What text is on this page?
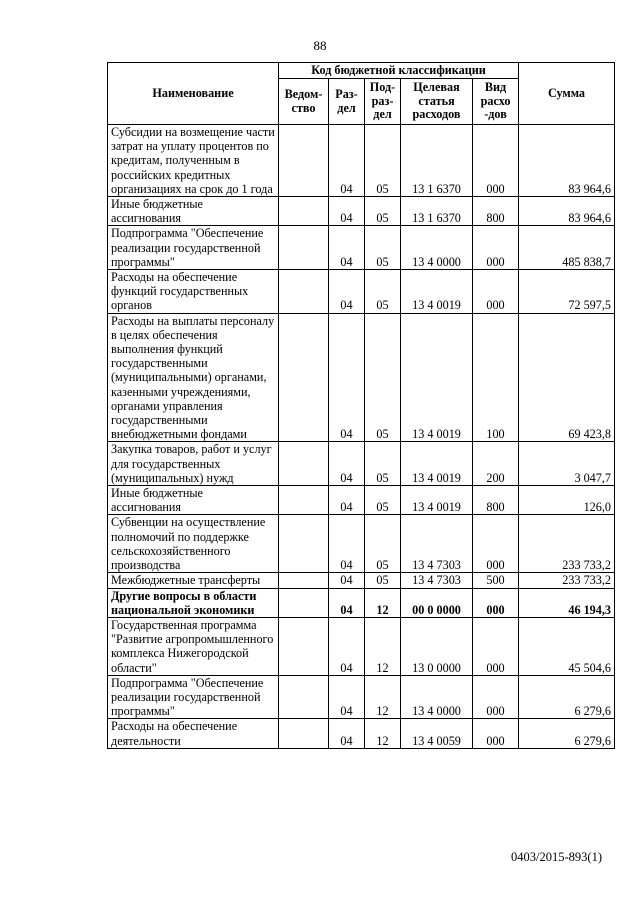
88
Наименование	Код бюджетной классификации					Сумма
	Ведом-ство	Раз-дел	Под-раз-дел	Целевая статья расходов	Вид расхо -дов	
Субсидии на возмещение части затрат на уплату процентов по кредитам, полученным в российских кредитных организациях на срок до 1 года		04	05	13 1 6370	000	83 964,6
Иные бюджетные ассигнования		04	05	13 1 6370	800	83 964,6
Подпрограмма "Обеспечение реализации государственной программы"		04	05	13 4 0000	000	485 838,7
Расходы на обеспечение функций государственных органов		04	05	13 4 0019	000	72 597,5
Расходы на выплаты персоналу в целях обеспечения выполнения функций государственными (муниципальными) органами, казенными учреждениями, органами управления государственными внебюджетными фондами		04	05	13 4 0019	100	69 423,8
Закупка товаров, работ и услуг для государственных (муниципальных) нужд		04	05	13 4 0019	200	3 047,7
Иные бюджетные ассигнования		04	05	13 4 0019	800	126,0
Субвенции на осуществление полномочий по поддержке сельскохозяйственного производства		04	05	13 4 7303	000	233 733,2
Межбюджетные трансферты		04	05	13 4 7303	500	233 733,2
Другие вопросы в области национальной экономики		04	12	00 0 0000	000	46 194,3
Государственная программа "Развитие агропромышленного комплекса Нижегородской области"		04	12	13 0 0000	000	45 504,6
Подпрограмма "Обеспечение реализации государственной программы"		04	12	13 4 0000	000	6 279,6
Расходы на обеспечение деятельности		04	12	13 4 0059	000	6 279,6
0403/2015-893(1)
